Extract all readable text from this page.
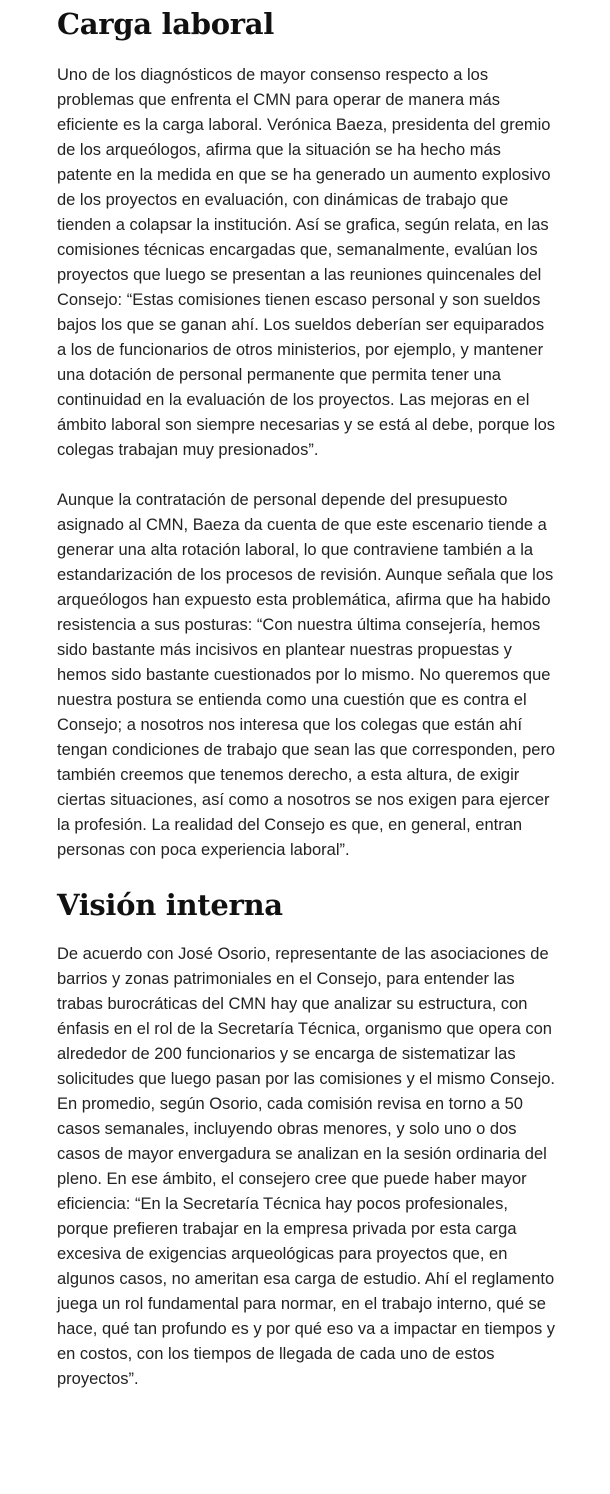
Carga laboral

Uno de los diagnósticos de mayor consenso respecto a los problemas que enfrenta el CMN para operar de manera más eficiente es la carga laboral. Verónica Baeza, presidenta del gremio de los arqueólogos, afirma que la situación se ha hecho más patente en la medida en que se ha generado un aumento explosivo de los proyectos en evaluación, con dinámicas de trabajo que tienden a colapsar la institución. Así se grafica, según relata, en las comisiones técnicas encargadas que, semanalmente, evalúan los proyectos que luego se presentan a las reuniones quincenales del Consejo: “Estas comisiones tienen escaso personal y son sueldos bajos los que se ganan ahí. Los sueldos deberían ser equiparados a los de funcionarios de otros ministerios, por ejemplo, y mantener una dotación de personal permanente que permita tener una continuidad en la evaluación de los proyectos. Las mejoras en el ámbito laboral son siempre necesarias y se está al debe, porque los colegas trabajan muy presionados”.

Aunque la contratación de personal depende del presupuesto asignado al CMN, Baeza da cuenta de que este escenario tiende a generar una alta rotación laboral, lo que contraviene también a la estandarización de los procesos de revisión. Aunque señala que los arqueólogos han expuesto esta problemática, afirma que ha habido resistencia a sus posturas: “Con nuestra última consejería, hemos sido bastante más incisivos en plantear nuestras propuestas y hemos sido bastante cuestionados por lo mismo. No queremos que nuestra postura se entienda como una cuestión que es contra el Consejo; a nosotros nos interesa que los colegas que están ahí tengan condiciones de trabajo que sean las que corresponden, pero también creemos que tenemos derecho, a esta altura, de exigir ciertas situaciones, así como a nosotros se nos exigen para ejercer la profesión. La realidad del Consejo es que, en general, entran personas con poca experiencia laboral”.

Visión interna

De acuerdo con José Osorio, representante de las asociaciones de barrios y zonas patrimoniales en el Consejo, para entender las trabas burocráticas del CMN hay que analizar su estructura, con énfasis en el rol de la Secretaría Técnica, organismo que opera con alrededor de 200 funcionarios y se encarga de sistematizar las solicitudes que luego pasan por las comisiones y el mismo Consejo. En promedio, según Osorio, cada comisión revisa en torno a 50 casos semanales, incluyendo obras menores, y solo uno o dos casos de mayor envergadura se analizan en la sesión ordinaria del pleno. En ese ámbito, el consejero cree que puede haber mayor eficiencia: “En la Secretaría Técnica hay pocos profesionales, porque prefieren trabajar en la empresa privada por esta carga excesiva de exigencias arqueológicas para proyectos que, en algunos casos, no ameritan esa carga de estudio. Ahí el reglamento juega un rol fundamental para normar, en el trabajo interno, qué se hace, qué tan profundo es y por qué eso va a impactar en tiempos y en costos, con los tiempos de llegada de cada uno de estos proyectos”.
